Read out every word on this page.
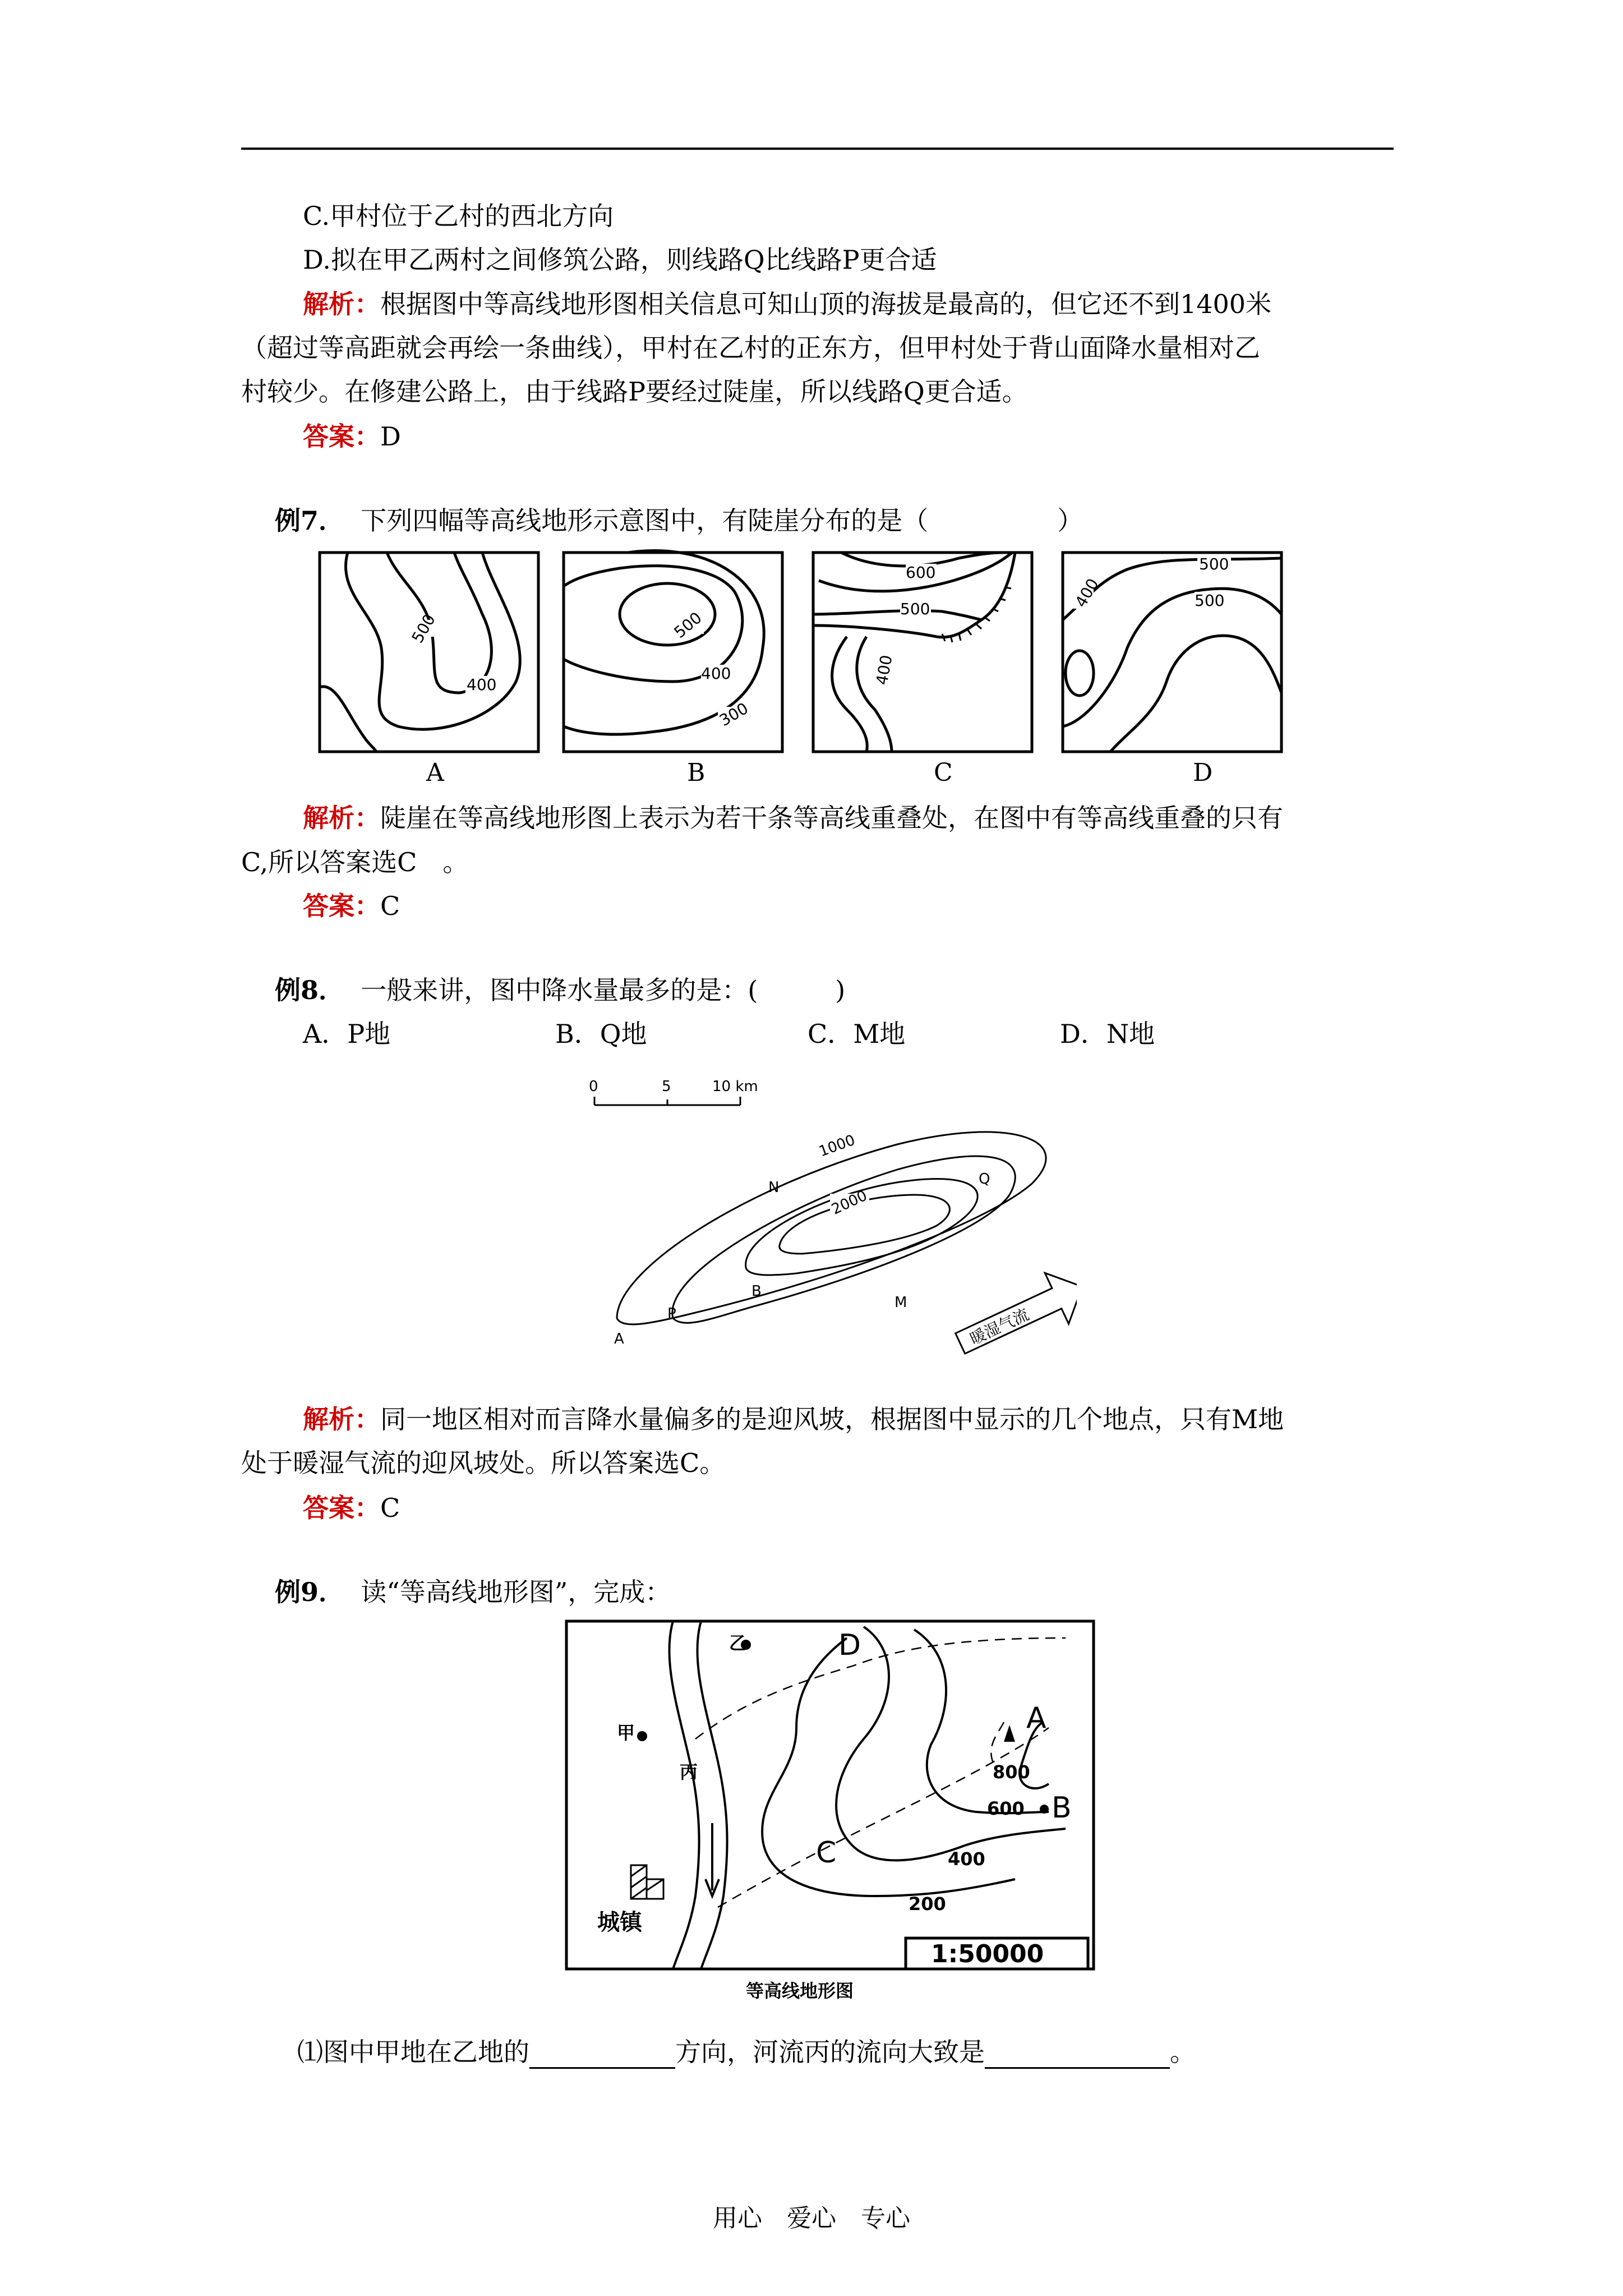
C.甲村位于乙村的西北方向
D.拟在甲乙两村之间修筑公路，则线路Q比线路P更合适
解析：根据图中等高线地形图相关信息可知山顶的海拔是最高的，但它还不到1400米
（超过等高距就会再绘一条曲线），甲村在乙村的正东方，但甲村处于背山面降水量相对乙
村较少。在修建公路上，由于线路P要经过陡崖，所以线路Q更合适。
答案：D
例7． 下列四幅等高线地形示意图中，有陡崖分布的是（　　　　　）
500
400
500
400
300
600
500
400
500
400	500
A	B	C	D
解析：陡崖在等高线地形图上表示为若干条等高线重叠处，在图中有等高线重叠的只有
C,所以答案选C　。
答案：C
例8． 一般来讲，图中降水量最多的是：(　　　)
A．P地	B．Q地	C．M地	D．N地
0	5	10 km
1000
2000
N	Q
B
P
A
M
暖湿气流
解析：同一地区相对而言降水量偏多的是迎风坡，根据图中显示的几个地点，只有M地
处于暖湿气流的迎风坡处。所以答案选C。
答案：C
例9． 读“等高线地形图”，完成：
乙
甲
丙
城镇
D
A
B
C
800
600
400
200
1:50000
等高线地形图
⑴图中甲地在乙地的	方向，河流丙的流向大致是	。
用心　爱心　专心
